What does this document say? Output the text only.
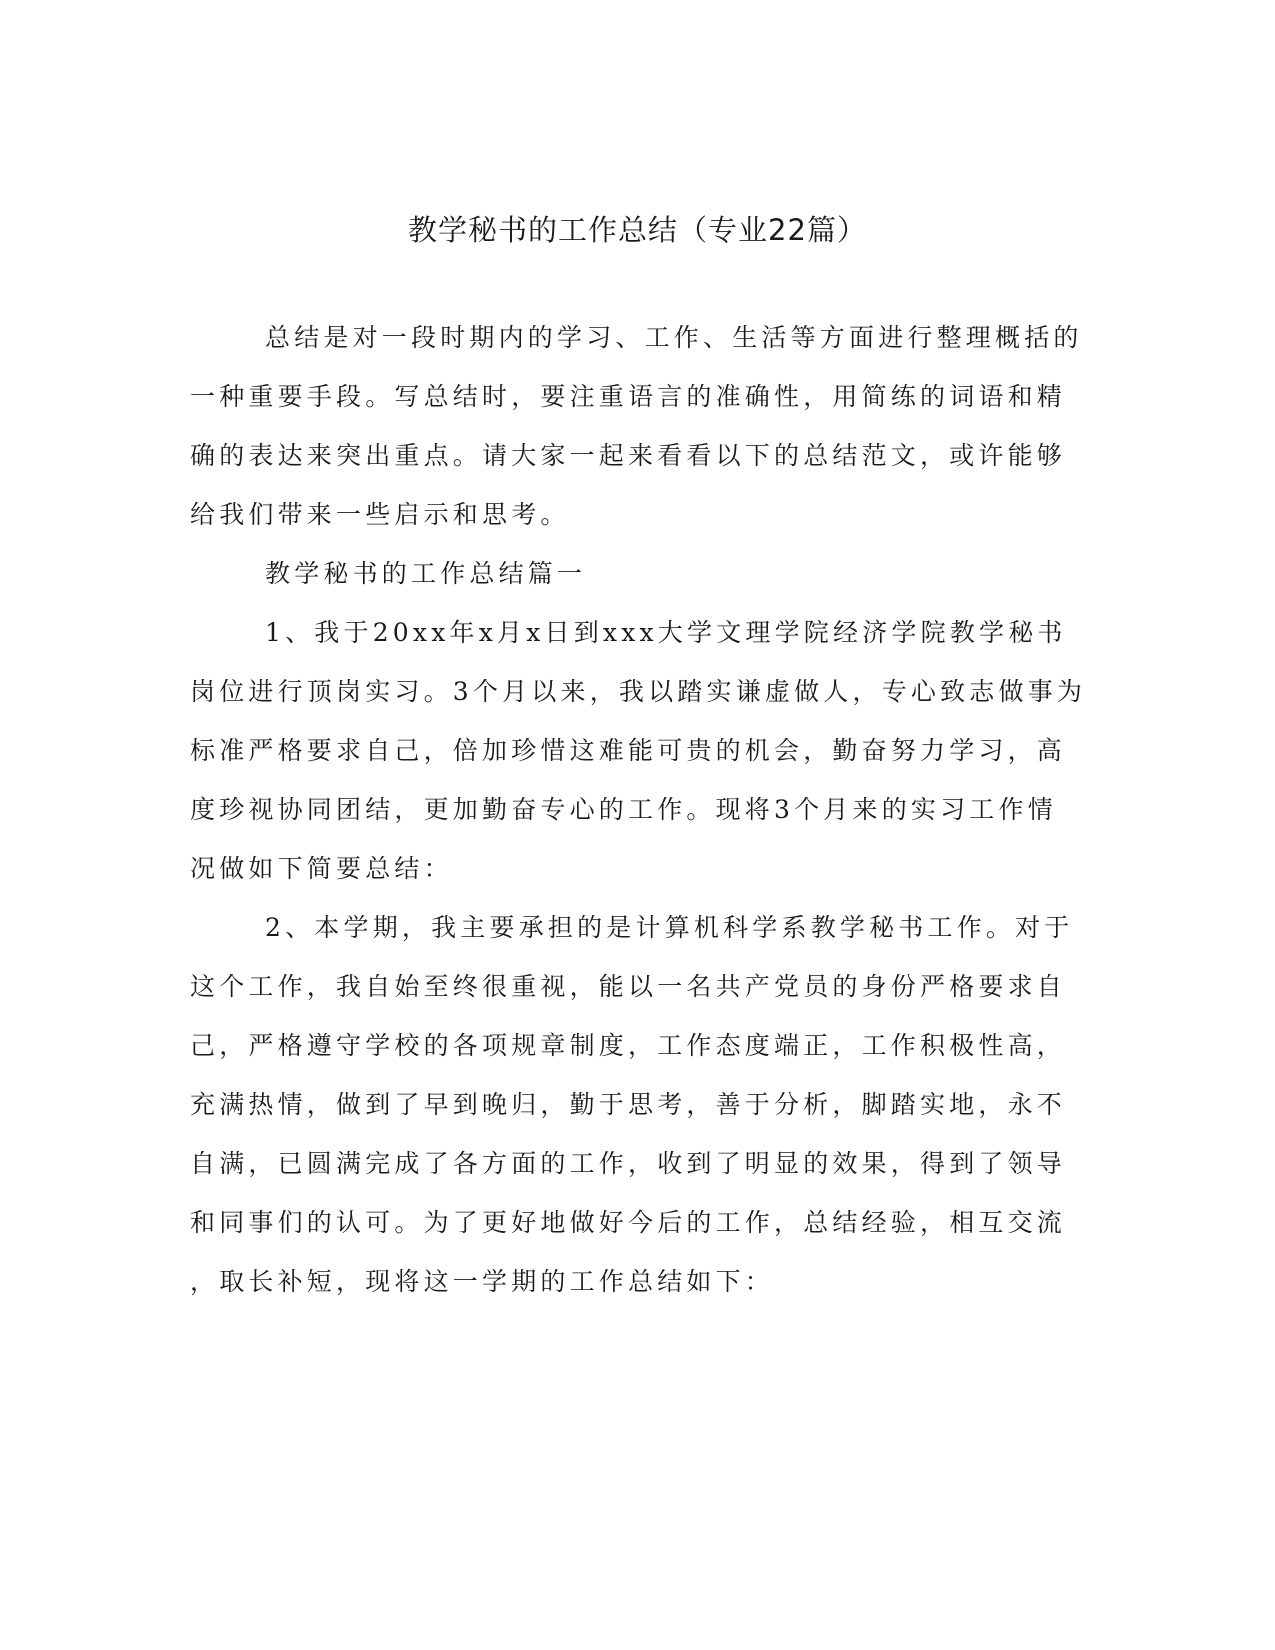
教学秘书的工作总结（专业22篇）
总结是对一段时期内的学习、工作、生活等方面进行整理概括的
一种重要手段。写总结时，要注重语言的准确性，用简练的词语和精
确的表达来突出重点。请大家一起来看看以下的总结范文，或许能够
给我们带来一些启示和思考。
教学秘书的工作总结篇一
1、我于20xx年x月x日到xxx大学文理学院经济学院教学秘书
岗位进行顶岗实习。3个月以来，我以踏实谦虚做人，专心致志做事为
标准严格要求自己，倍加珍惜这难能可贵的机会，勤奋努力学习，高
度珍视协同团结，更加勤奋专心的工作。现将3个月来的实习工作情
况做如下简要总结：
2、本学期，我主要承担的是计算机科学系教学秘书工作。对于
这个工作，我自始至终很重视，能以一名共产党员的身份严格要求自
己，严格遵守学校的各项规章制度，工作态度端正，工作积极性高，
充满热情，做到了早到晚归，勤于思考，善于分析，脚踏实地，永不
自满，已圆满完成了各方面的工作，收到了明显的效果，得到了领导
和同事们的认可。为了更好地做好今后的工作，总结经验，相互交流
，取长补短，现将这一学期的工作总结如下：
